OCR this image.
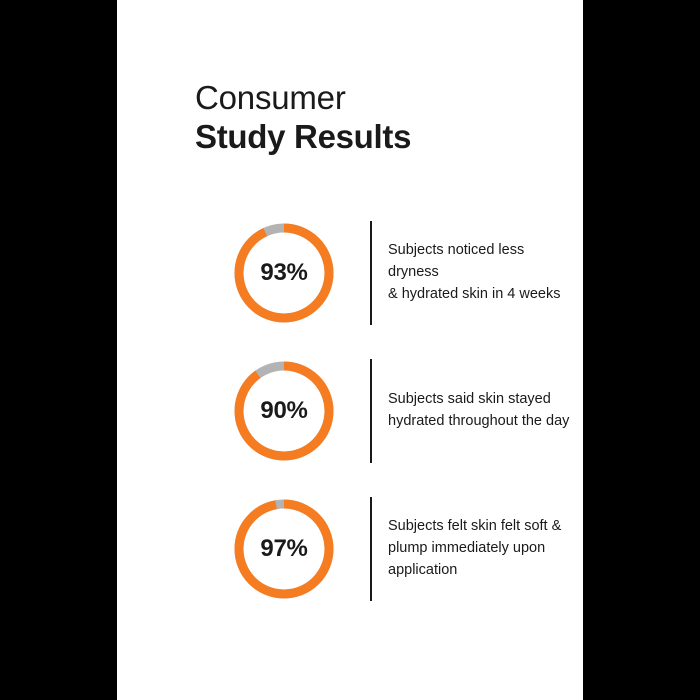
Consumer
Study Results
93%
Subjects noticed less dryness
& hydrated skin in 4 weeks
90%	Subjects said skin stayed
hydrated throughout the day
97%
Subjects felt skin felt soft &
plump immediately upon
application
